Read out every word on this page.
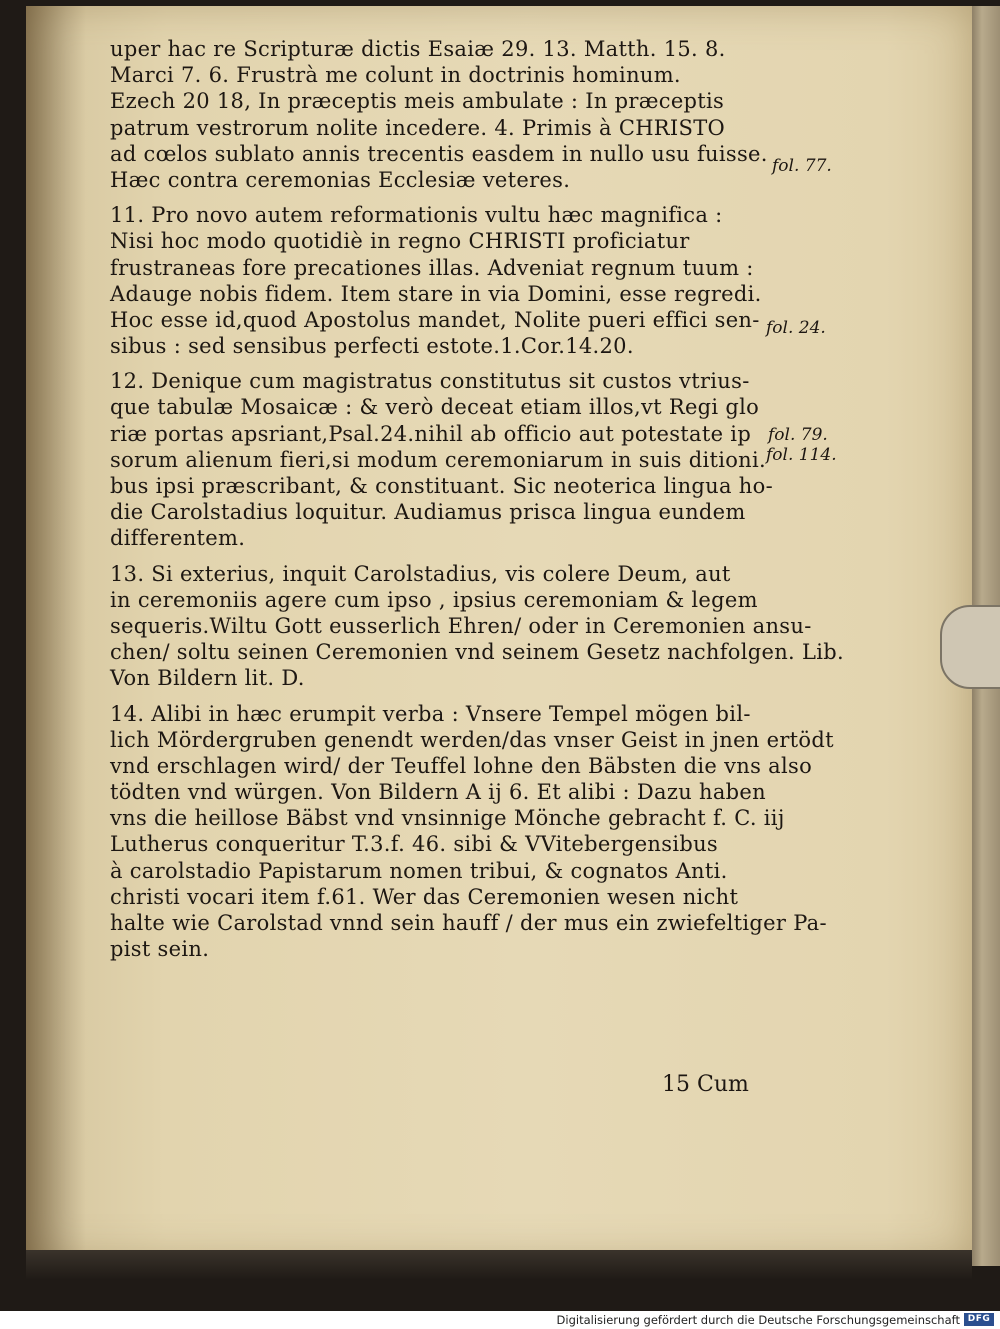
uper hac re Scripturæ dictis Esaiæ 29. 13. Matth. 15. 8.
Marci 7. 6. Frustrà me colunt in doctrinis hominum.
Ezech 20 18, In præceptis meis ambulate : In præceptis
patrum vestrorum nolite incedere. 4. Primis à CHRISTO
ad cœlos sublato annis trecentis easdem in nullo usu fuisse.
Hæc contra ceremonias Ecclesiæ veteres.
11. Pro novo autem reformationis vultu hæc magnifica :
Nisi hoc modo quotidiè in regno CHRISTI proficiatur
frustraneas fore precationes illas. Adveniat regnum tuum :
Adauge nobis fidem. Item stare in via Domini, esse regredi.
Hoc esse id,quod Apostolus mandet, Nolite pueri effici sen-
sibus : sed sensibus perfecti estote.1.Cor.14.20.
12. Denique cum magistratus constitutus sit custos vtrius-
que tabulæ Mosaicæ : & verò deceat etiam illos,vt Regi glo
riæ portas apsriant,Psal.24.nihil ab officio aut potestate ip
sorum alienum fieri,si modum ceremoniarum in suis ditioni.
bus ipsi præscribant, & constituant. Sic neoterica lingua ho-
die Carolstadius loquitur. Audiamus prisca lingua eundem
differentem.
13. Si exterius, inquit Carolstadius, vis colere Deum, aut
in ceremoniis agere cum ipso , ipsius ceremoniam & legem
sequeris.Wiltu Gott eusserlich Ehren/ oder in Ceremonien ansu-
chen/ soltu seinen Ceremonien vnd seinem Gesetz nachfolgen. Lib.
Von Bildern lit. D.
14. Alibi in hæc erumpit verba : Vnsere Tempel mögen bil-
lich Mördergruben genendt werden/das vnser Geist in jnen ertödt
vnd erschlagen wird/ der Teuffel lohne den Bäbsten die vns also
tödten vnd würgen. Von Bildern A ij 6. Et alibi : Dazu haben
vns die heillose Bäbst vnd vnsinnige Mönche gebracht f. C. iij
Lutherus conqueritur T.3.f. 46. sibi & VVitebergensibus
à carolstadio Papistarum nomen tribui, & cognatos Anti.
christi vocari item f.61. Wer das Ceremonien wesen nicht
halte wie Carolstad vnnd sein hauff / der mus ein zwiefeltiger Pa-
pist sein.
fol. 77.
fol. 24.
fol. 79.
fol. 114.
15 Cum
Digitalisierung gefördert durch die Deutsche Forschungsgemeinschaft DFG
